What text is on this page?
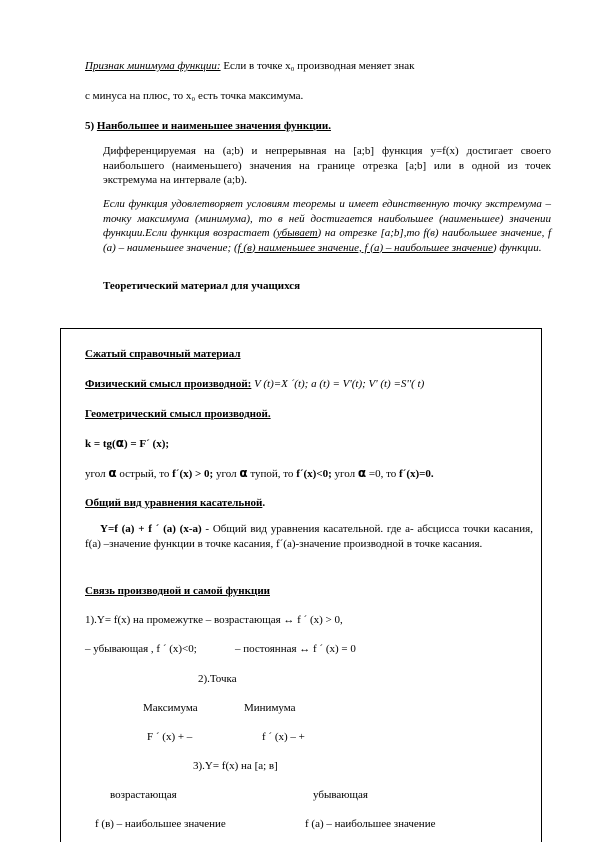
Признак минимума функции: Если в точке x₀ производная меняет знак
с минуса на плюс, то x₀ есть точка максимума.
5) Нанбольшее и наименьшее значения функции.
Дифференцируемая на (a;b) и непрерывная на [a;b] функция y=f(x) достигает своего наибольшего (наименьшего) значения на границе отрезка [a;b] или в одной из точек экстремума на интервале (a;b).
Если функция удовлетворяет условиям теоремы и имеет единственную точку экстремума – точку максимума (минимума), то в ней достигается наибольшее (наименьшее) значении функции.Если функция возрастает (убывает) на отрезке [a;b],то f(в) наибольшее значение, f (a) – наименьшее значение; (f (в) наименьшее значение, f (a) – наибольшее значение) функции.
Теоретический материал для учащихся
Сжатый справочный материал
Физический смысл производной: V (t)=X ´(t); a (t) = V'(t); V' (t) =S''( t)
Геометрический смысл производной.
k = tg(α) = F´ (x);
угол α острый, то f´(x) > 0; угол α тупой, то f´(x)<0; угол α =0, то f´(x)=0.
Общий вид уравнения касательной.
Y=f (a) + f ´ (a) (x-a) - Общий вид уравнения касательной. где a- абсцисса точки касания, f(a) –значение функции в точке касания, f´(a)-значение производной в точке касания.
Связь производной и самой функции
1).Y= f(x) на промежутке – возрастающая ↔ f ´ (x) > 0,
– убывающая , f ´ (x)<0;	– постоянная ↔ f ´ (x) = 0
2).Точка
Максимума	Минимума
F ´ (x) + –	f ´ (x) – +
3).Y= f(x) на [a; в]
возрастающая	убывающая
f (в) – наибольшее значение	f (a) – наибольшее значение
